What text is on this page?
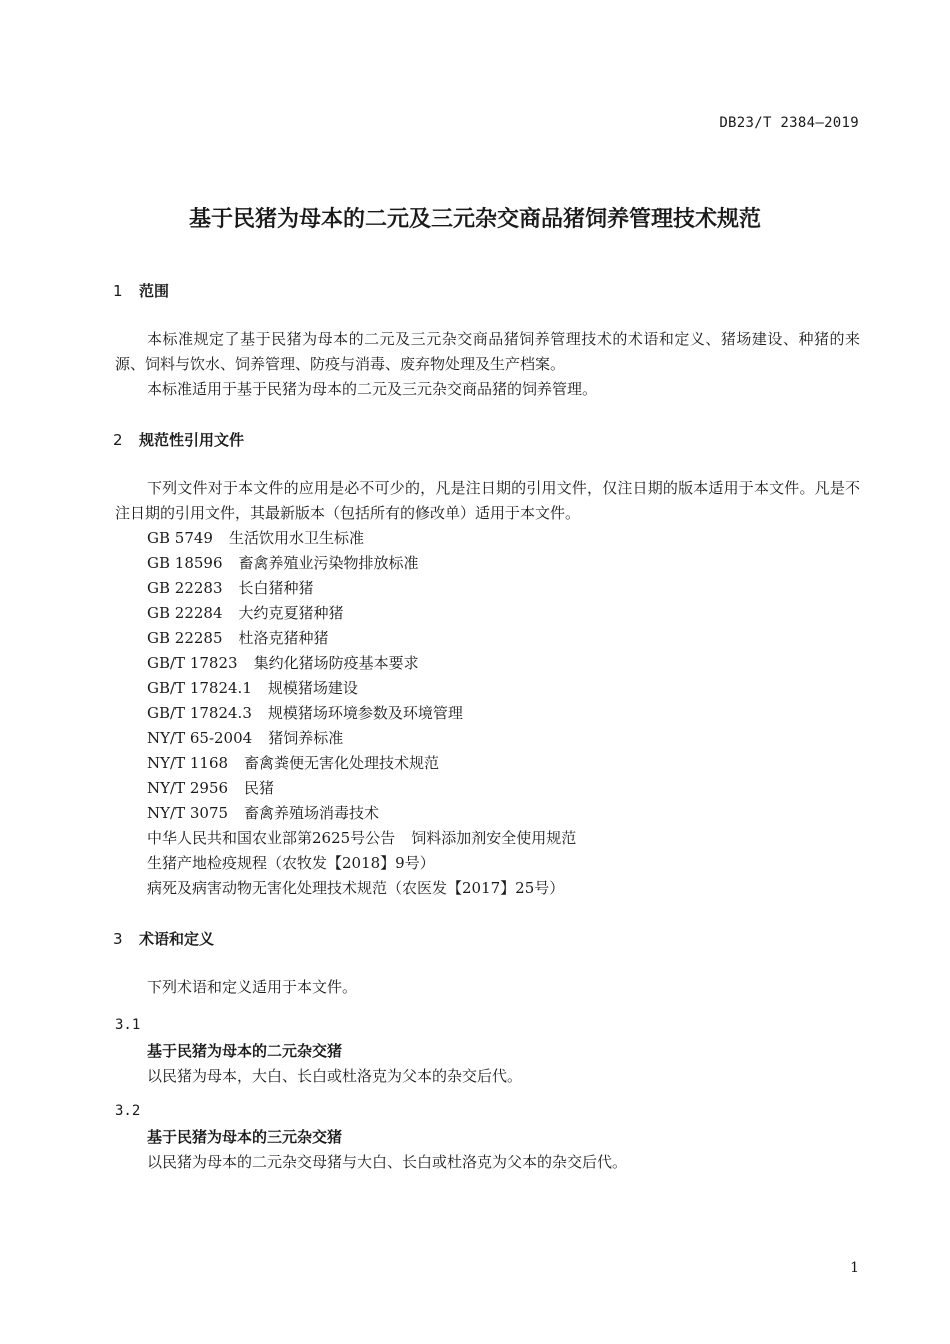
DB23/T 2384—2019
基于民猪为母本的二元及三元杂交商品猪饲养管理技术规范
1 范围
本标准规定了基于民猪为母本的二元及三元杂交商品猪饲养管理技术的术语和定义、猪场建设、种猪的来源、饲料与饮水、饲养管理、防疫与消毒、废弃物处理及生产档案。
本标准适用于基于民猪为母本的二元及三元杂交商品猪的饲养管理。
2 规范性引用文件
下列文件对于本文件的应用是必不可少的，凡是注日期的引用文件，仅注日期的版本适用于本文件。凡是不注日期的引用文件，其最新版本（包括所有的修改单）适用于本文件。
GB 5749 生活饮用水卫生标准
GB 18596 畜禽养殖业污染物排放标准
GB 22283 长白猪种猪
GB 22284 大约克夏猪种猪
GB 22285 杜洛克猪种猪
GB/T 17823 集约化猪场防疫基本要求
GB/T 17824.1 规模猪场建设
GB/T 17824.3 规模猪场环境参数及环境管理
NY/T 65-2004 猪饲养标准
NY/T 1168 畜禽粪便无害化处理技术规范
NY/T 2956 民猪
NY/T 3075 畜禽养殖场消毒技术
中华人民共和国农业部第2625号公告 饲料添加剂安全使用规范
生猪产地检疫规程（农牧发【2018】9号）
病死及病害动物无害化处理技术规范（农医发【2017】25号）
3 术语和定义
下列术语和定义适用于本文件。
3.1
基于民猪为母本的二元杂交猪
以民猪为母本，大白、长白或杜洛克为父本的杂交后代。
3.2
基于民猪为母本的三元杂交猪
以民猪为母本的二元杂交母猪与大白、长白或杜洛克为父本的杂交后代。
1
